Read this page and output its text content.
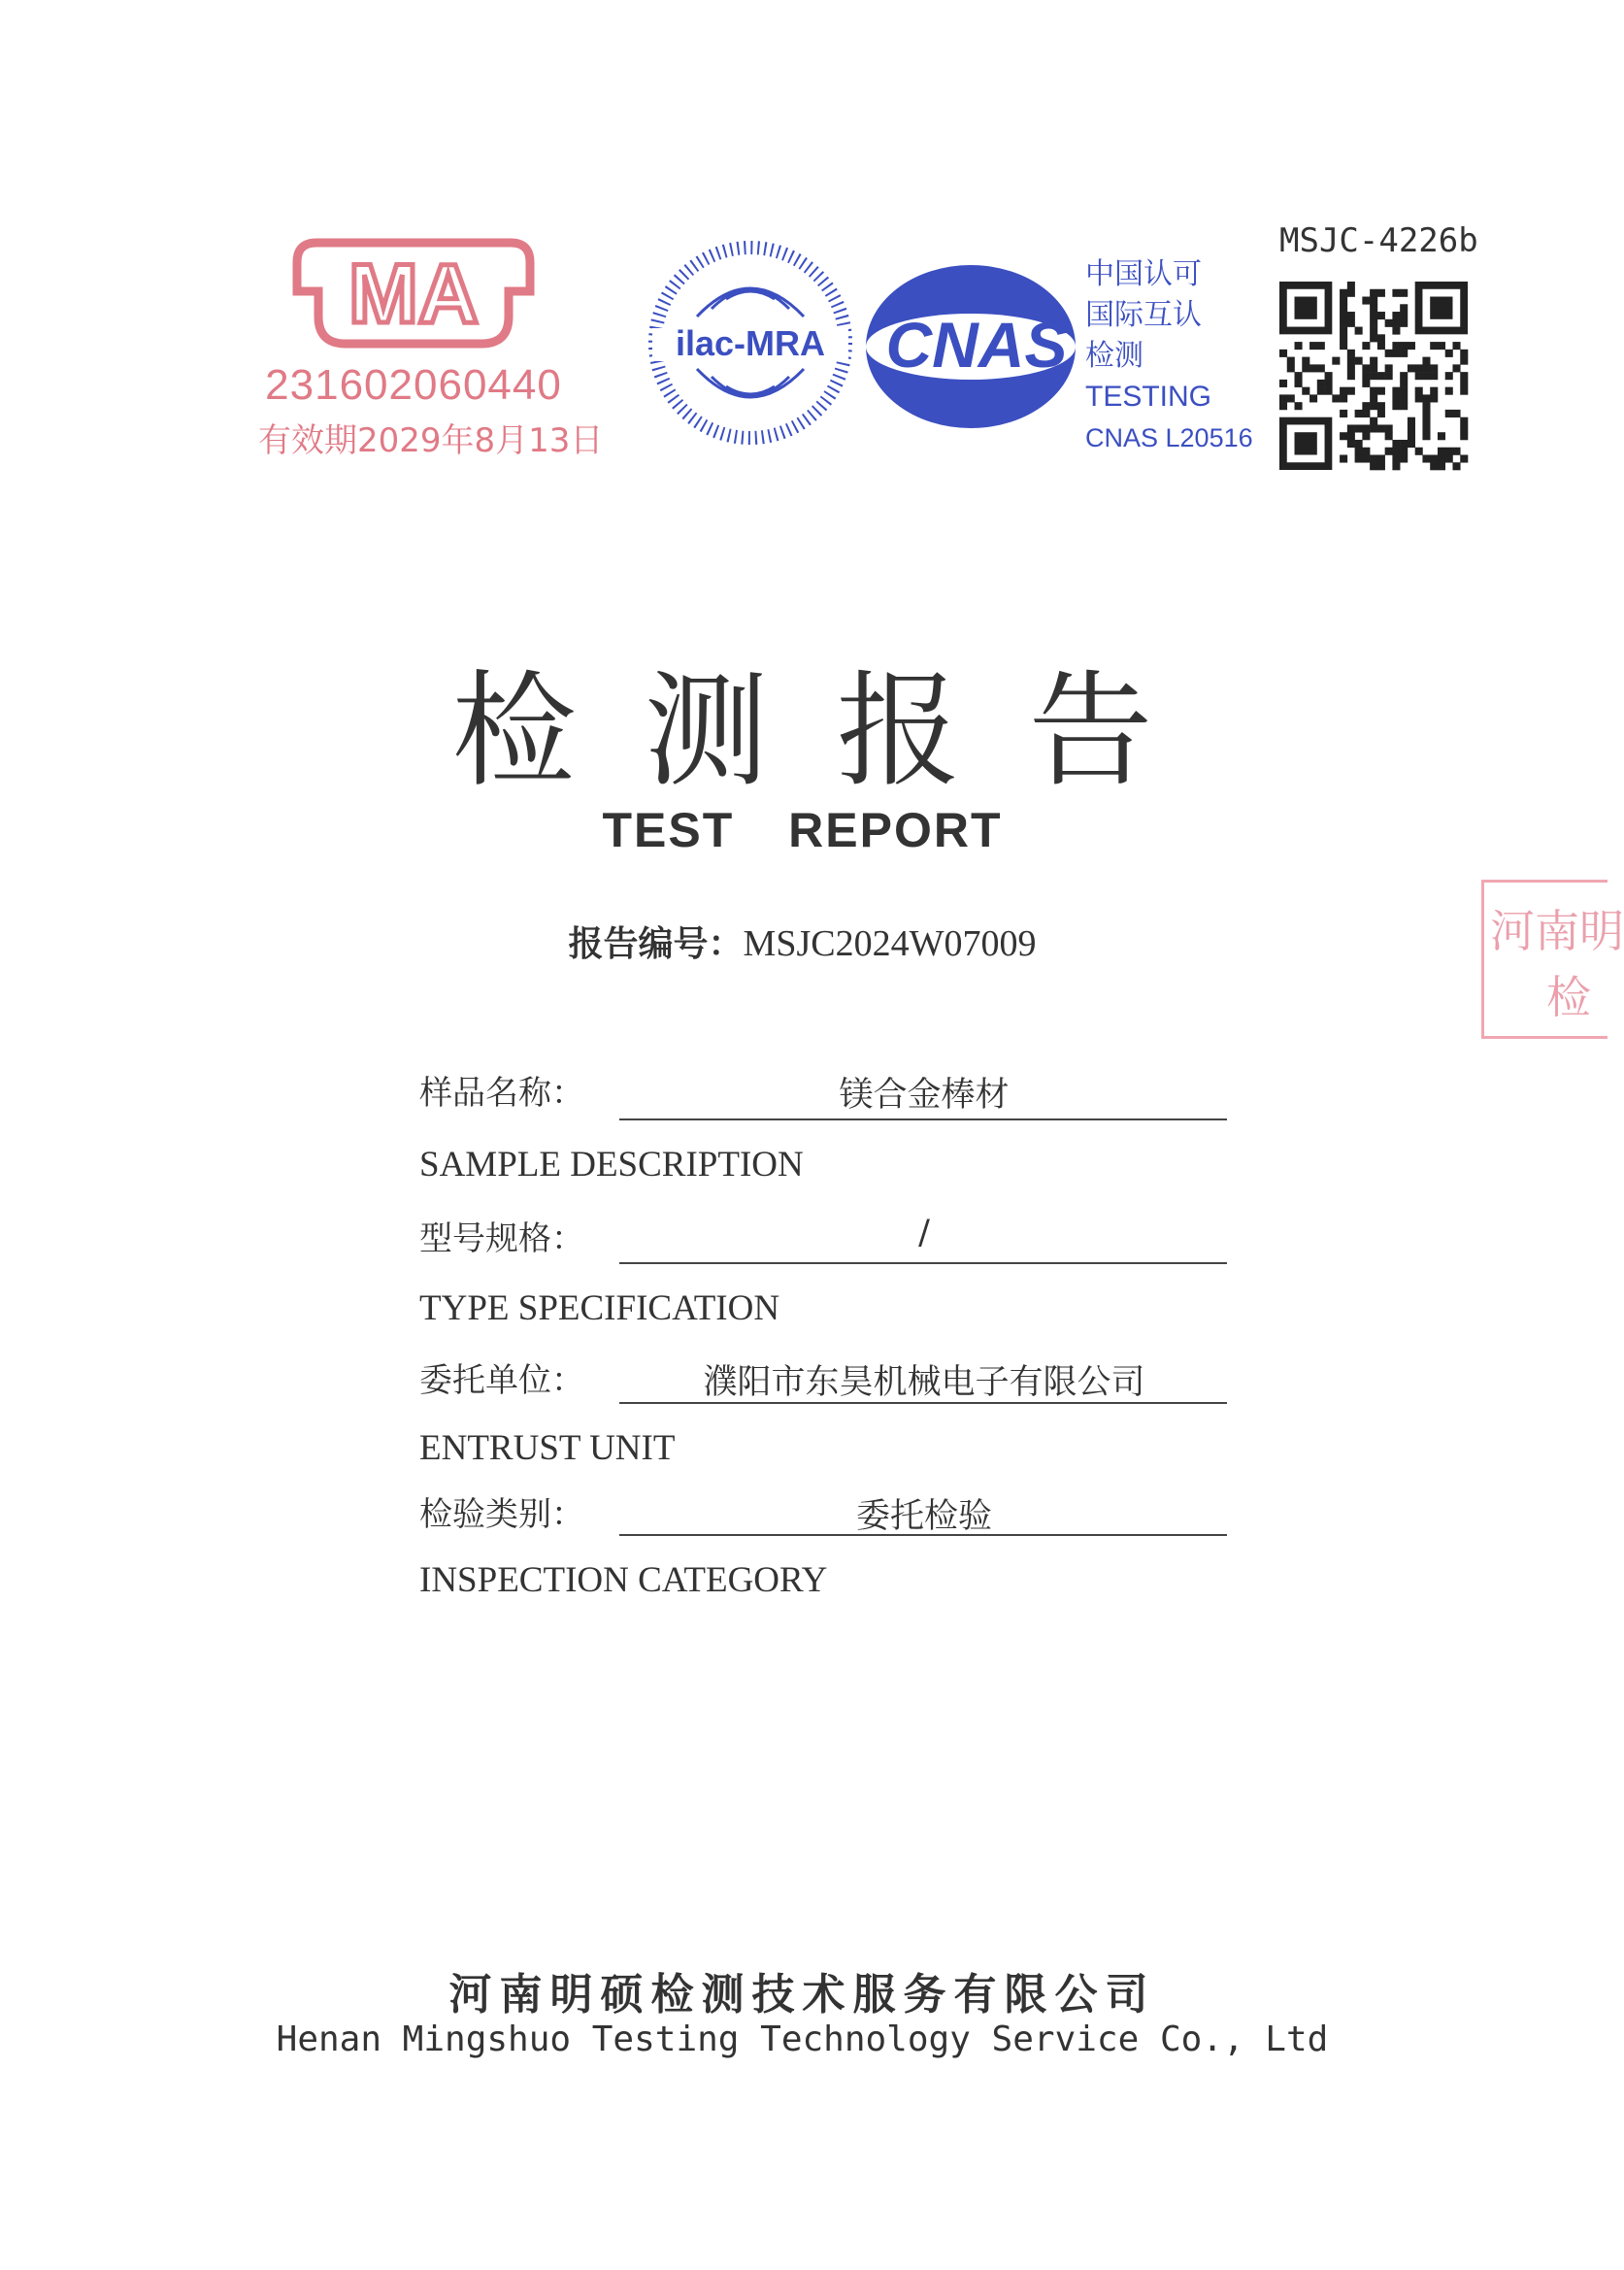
MA
231602060440
有效期2029年8月13日
ilac-MRA CNAS
中国认可
国际互认
检测
TESTING
CNAS L20516
MSJC-4226b
河南明
检
检测报告
TEST REPORT
报告编号：MSJC2024W07009
样品名称：	镁合金棒材
SAMPLE DESCRIPTION
型号规格：	/
TYPE SPECIFICATION
委托单位：	濮阳市东昊机械电子有限公司
ENTRUST UNIT
检验类别：	委托检验
INSPECTION CATEGORY
河南明硕检测技术服务有限公司
Henan Mingshuo Testing Technology Service Co., Ltd
